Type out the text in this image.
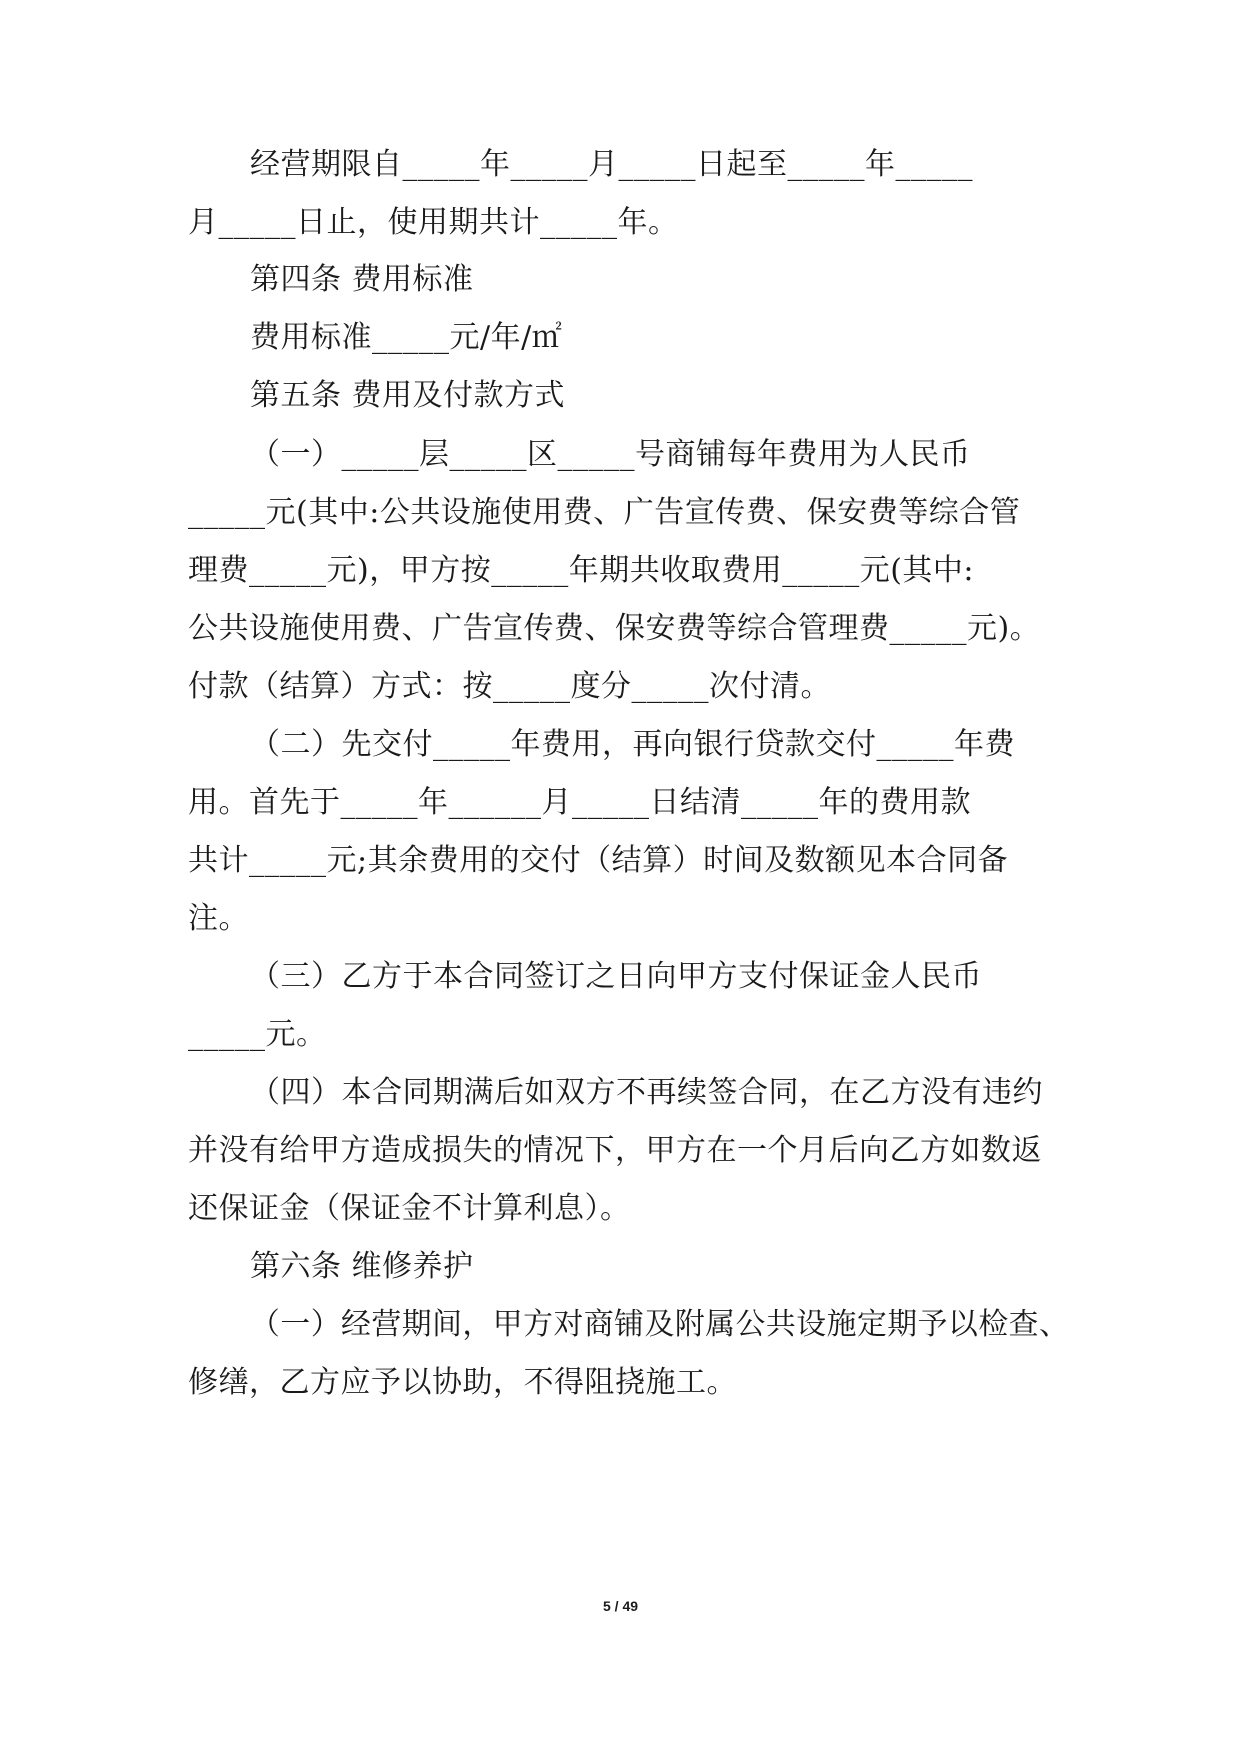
经营期限自_____年_____月_____日起至_____年_____
月_____日止，使用期共计_____年。
第四条 费用标准
费用标准_____元/年/㎡
第五条 费用及付款方式
（一）_____层_____区_____号商铺每年费用为人民币
_____元(其中:公共设施使用费、广告宣传费、保安费等综合管
理费_____元)，甲方按_____年期共收取费用_____元(其中:
公共设施使用费、广告宣传费、保安费等综合管理费_____元)。
付款（结算）方式：按_____度分_____次付清。
（二）先交付_____年费用，再向银行贷款交付_____年费
用。首先于_____年______月_____日结清_____年的费用款
共计_____元;其余费用的交付（结算）时间及数额见本合同备
注。
（三）乙方于本合同签订之日向甲方支付保证金人民币
_____元。
（四）本合同期满后如双方不再续签合同，在乙方没有违约
并没有给甲方造成损失的情况下，甲方在一个月后向乙方如数返
还保证金（保证金不计算利息）。
第六条 维修养护
（一）经营期间，甲方对商铺及附属公共设施定期予以检查、
修缮，乙方应予以协助，不得阻挠施工。
5 / 49
